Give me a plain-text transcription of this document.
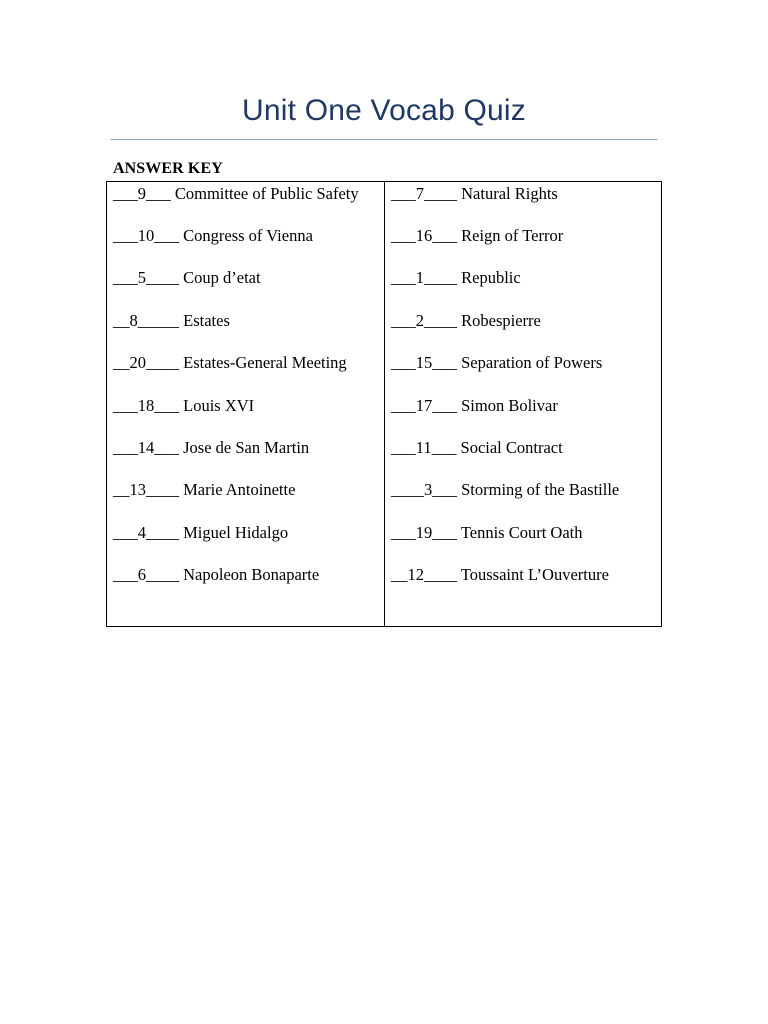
Unit One Vocab Quiz
ANSWER KEY
___9___ Committee of Public Safety
___10___ Congress of Vienna
___5____ Coup d’etat
__8_____ Estates
__20____ Estates-General Meeting
___18___ Louis XVI
___14___ Jose de San Martin
__13____ Marie Antoinette
___4____ Miguel Hidalgo
___6____ Napoleon Bonaparte
___7____ Natural Rights
___16___ Reign of Terror
___1____ Republic
___2____ Robespierre
___15___ Separation of Powers
___17___ Simon Bolivar
___11___ Social Contract
____3___ Storming of the Bastille
___19___ Tennis Court Oath
__12____ Toussaint L’Ouverture
